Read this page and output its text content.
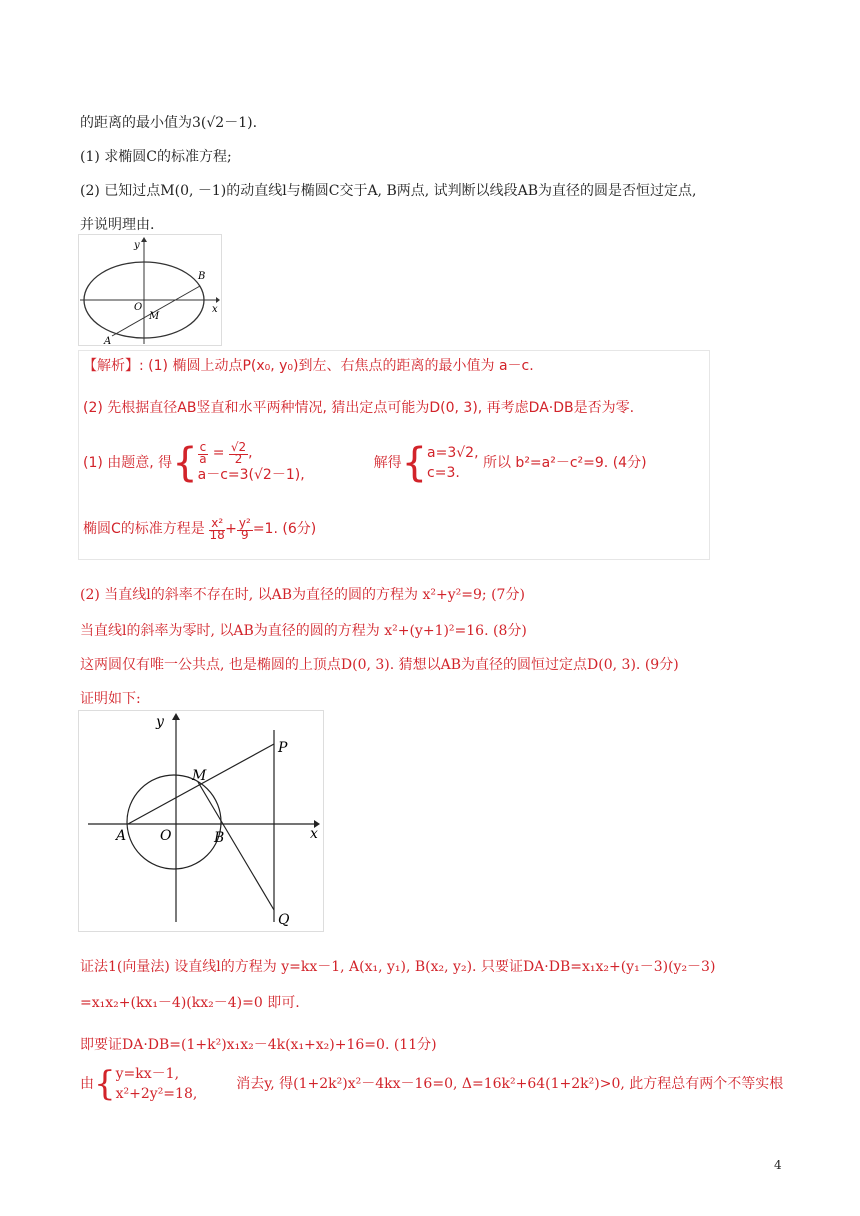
的距离的最小值为3(√2－1).
(1) 求椭圆C的标准方程;
(2) 已知过点M(0, －1)的动直线l与椭圆C交于A, B两点, 试判断以线段AB为直径的圆是否恒过定点,
并说明理由.
y
B
O
M
x
A
【解析】: (1) 椭圆上动点P(x₀, y₀)到左、右焦点的距离的最小值为 a－c.
(2) 先根据直径AB竖直和水平两种情况, 猜出定点可能为D(0, 3), 再考虑DA·DB是否为零.
(1) 由题意, 得{ $\frac{c}{a} = \frac{√2}{2}$,
a－c=3(√2－1),
解得{ a=3√2,
c=3.
所以 b²=a²－c²=9. (4分)
椭圆C的标准方程是 $\frac{\text{x²}}{18}+\frac{\text{y²}}{9}=1$. (6分)
(2) 当直线l的斜率不存在时, 以AB为直径的圆的方程为 x²+y²=9; (7分)
当直线l的斜率为零时, 以AB为直径的圆的方程为 x²+(y+1)²=16. (8分)
这两圆仅有唯一公共点, 也是椭圆的上顶点D(0, 3). 猜想以AB为直径的圆恒过定点D(0, 3). (9分)
证明如下:
y
P
M
A O	B	x
Q
证法1(向量法) 设直线l的方程为 y=kx－1, A(x₁, y₁), B(x₂, y₂). 只要证DA·DB=x₁x₂+(y₁－3)(y₂－3)
=x₁x₂+(kx₁－4)(kx₂－4)=0 即可.
即要证DA·DB=(1+k²)x₁x₂－4k(x₁+x₂)+16=0. (11分)
由{ y=kx－1,
x²+2y²=18,
消去y, 得(1+2k²)x²－4kx－16=0, Δ=16k²+64(1+2k²)>0, 此方程总有两个不等实根
4
